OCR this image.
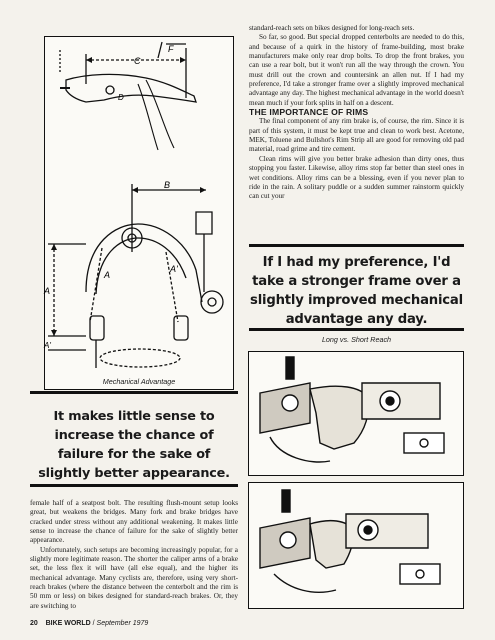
C
F
D
B
A
A'
A
A'
Mechanical Advantage
It makes little sense to increase the chance of failure for the sake of slightly better appearance.

female half of a seatpost bolt. The resulting flush-mount setup looks great, but weakens the bridges. Many fork and brake bridges have cracked under stress without any additional weakening. It makes little sense to increase the chance of failure for the sake of slightly better appearance.

Unfortunately, such setups are becoming increasingly popular, for a slightly more legitimate reason. The shorter the caliper arms of a brake set, the less flex it will have (all else equal), and the higher its mechanical advantage. Many cyclists are, therefore, using very short-reach brakes (where the distance between the centerbolt and the rim is 50 mm or less) on bikes designed for standard-reach brakes. Or, they are switching to

standard-reach sets on bikes designed for long-reach sets.

So far, so good. But special dropped centerbolts are needed to do this, and because of a quirk in the history of frame-building, most brake manufacturers make only rear drop bolts. To drop the front brakes, you can use a rear bolt, but it won't run all the way through the crown. You must drill out the crown and countersink an allen nut. If I had my preference, I'd take a stronger frame over a slightly improved mechanical advantage any day. The highest mechanical advantage in the world doesn't mean much if your fork splits in half on a descent.

THE IMPORTANCE OF RIMS

The final component of any rim brake is, of course, the rim. Since it is part of this system, it must be kept true and clean to work best. Acetone, MEK, Toluene and Bullshot's Rim Strip all are good for removing old pad material, road grime and tire cement.

Clean rims will give you better brake adhesion than dirty ones, thus stopping you faster. Likewise, alloy rims stop far better than steel ones in wet conditions. Alloy rims can be a blessing, even if you never plan to ride in the rain. A solitary puddle or a sudden summer rainstorm quickly can cut your

If I had my preference, I'd take a stronger frame over a slightly improved mechanical advantage any day.
Long vs. Short Reach
20 BIKE WORLD / September 1979
